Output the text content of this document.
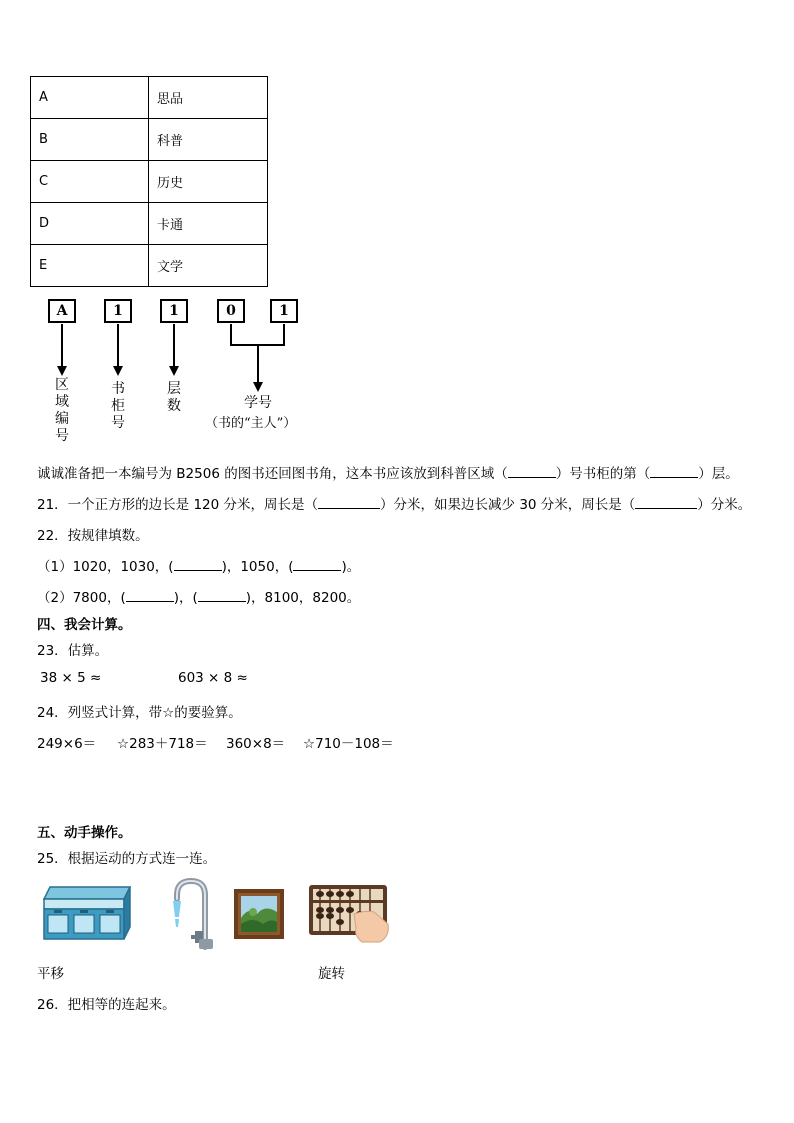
A	思品
B	科普
C	历史
D	卡通
E	文学
A	1	1	0	1
区
域
编
号
书
柜
号
层
数	学号
（书的“主人”）
诚诚准备把一本编号为 B2506 的图书还回图书角，这本书应该放到科普区域（	）号书柜的第（	）层。
21．一个正方形的边长是 120 分米，周长是（	）分米，如果边长减少 30 分米，周长是（	）分米。
22．按规律填数。
（1）1020，1030，(	)，1050，(	)。
（2）7800，(	)，(	)，8100，8200。
四、我会计算。
23．估算。
38 × 5 ≈	603 × 8 ≈
24．列竖式计算，带☆的要验算。
249×6＝ ☆283＋718＝ 360×8＝ ☆710－108＝
五、动手操作。
25．根据运动的方式连一连。
平移	旋转
26．把相等的连起来。
